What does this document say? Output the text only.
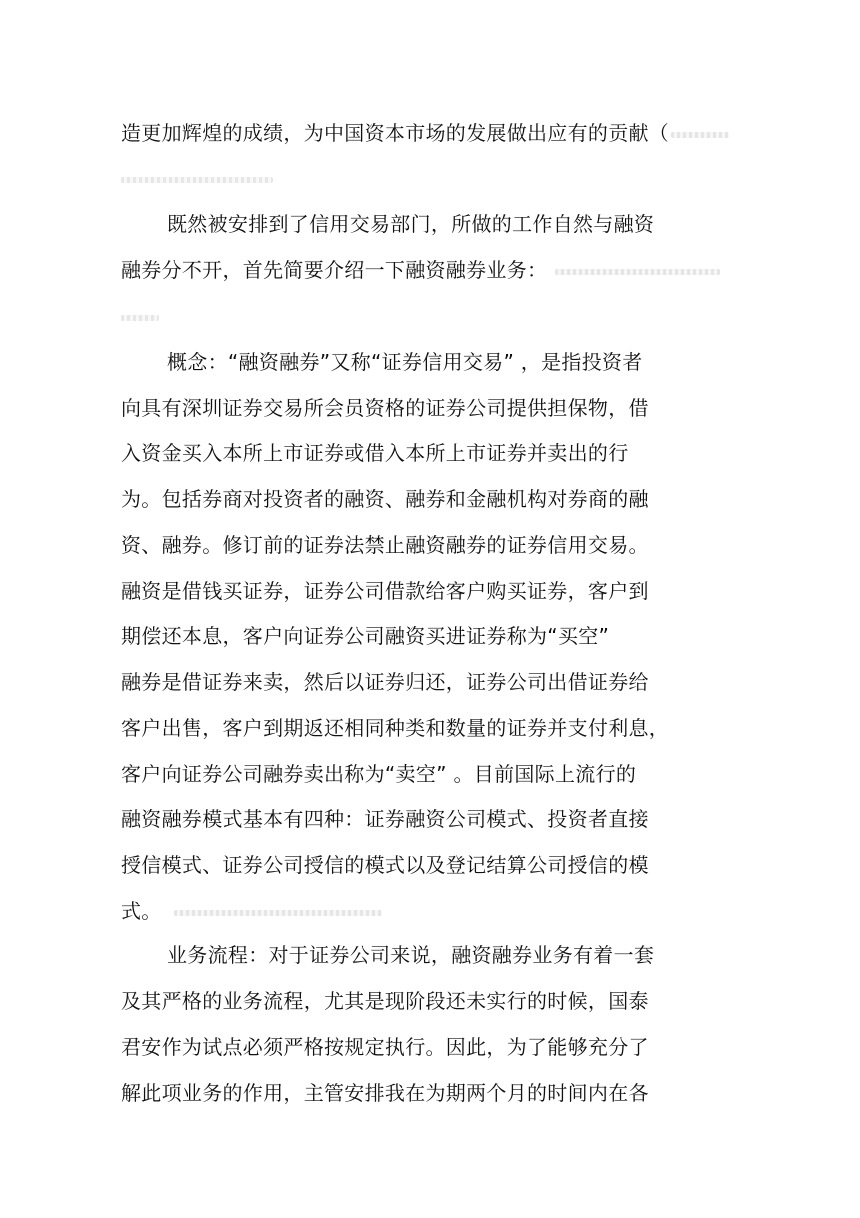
造更加辉煌的成绩，为中国资本市场的发展做出应有的贡献（
既然被安排到了信用交易部门，所做的工作自然与融资
融券分不开，首先简要介绍一下融资融券业务：
概念：“融资融券”又称“证券信用交易” ，是指投资者
向具有深圳证券交易所会员资格的证券公司提供担保物，借
入资金买入本所上市证券或借入本所上市证券并卖出的行
为。包括券商对投资者的融资、融券和金融机构对券商的融
资、融券。修订前的证券法禁止融资融券的证券信用交易。
融资是借钱买证券，证券公司借款给客户购买证券，客户到
期偿还本息，客户向证券公司融资买进证券称为“买空”
融券是借证券来卖，然后以证券归还，证券公司出借证券给
客户出售，客户到期返还相同种类和数量的证券并支付利息，
客户向证券公司融券卖出称为“卖空” 。目前国际上流行的
融资融券模式基本有四种：证券融资公司模式、投资者直接
授信模式、证券公司授信的模式以及登记结算公司授信的模
式。
业务流程：对于证券公司来说，融资融券业务有着一套
及其严格的业务流程，尤其是现阶段还未实行的时候，国泰
君安作为试点必须严格按规定执行。因此，为了能够充分了
解此项业务的作用，主管安排我在为期两个月的时间内在各
